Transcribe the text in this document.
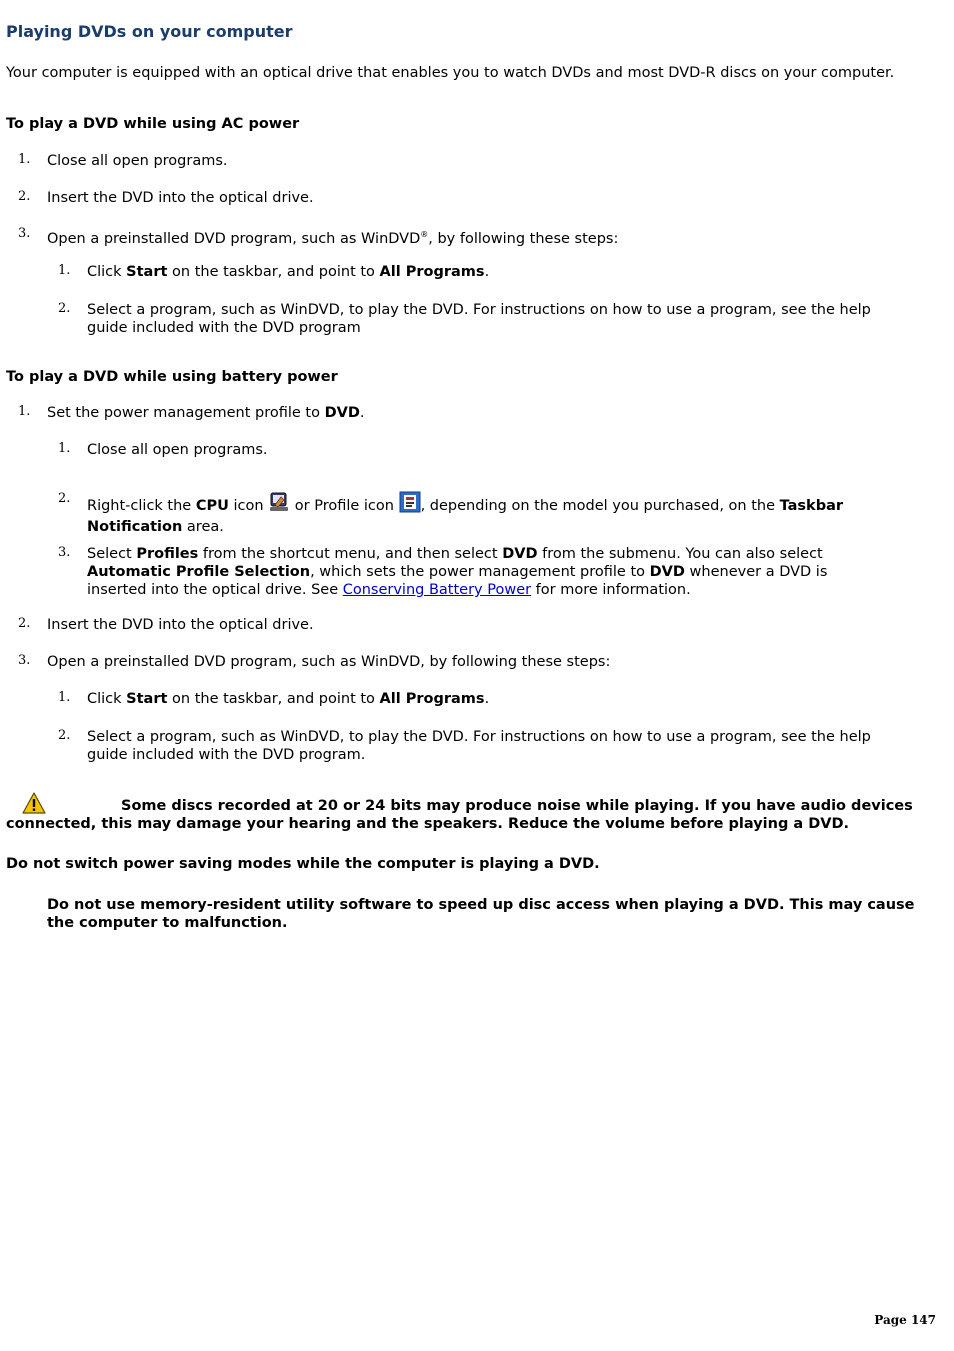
Playing DVDs on your computer

Your computer is equipped with an optical drive that enables you to watch DVDs and most DVD-R discs on your computer.

To play a DVD while using AC power

1. Close all open programs.

2. Insert the DVD into the optical drive.

3. Open a preinstalled DVD program, such as WinDVD®, by following these steps:

1. Click Start on the taskbar, and point to All Programs.

2. Select a program, such as WinDVD, to play the DVD. For instructions on how to use a program, see the help guide included with the DVD program

To play a DVD while using battery power

1. Set the power management profile to DVD.

1. Close all open programs.

2. Right-click the CPU icon  or Profile icon , depending on the model you purchased, on the Taskbar Notification area.

3. Select Profiles from the shortcut menu, and then select DVD from the submenu. You can also select Automatic Profile Selection, which sets the power management profile to DVD whenever a DVD is inserted into the optical drive. See Conserving Battery Power for more information.

2. Insert the DVD into the optical drive.

3. Open a preinstalled DVD program, such as WinDVD, by following these steps:

1. Click Start on the taskbar, and point to All Programs.

2. Select a program, such as WinDVD, to play the DVD. For instructions on how to use a program, see the help guide included with the DVD program.

Some discs recorded at 20 or 24 bits may produce noise while playing. If you have audio devices connected, this may damage your hearing and the speakers. Reduce the volume before playing a DVD.

Do not switch power saving modes while the computer is playing a DVD.

Do not use memory-resident utility software to speed up disc access when playing a DVD. This may cause the computer to malfunction.

Page 147
